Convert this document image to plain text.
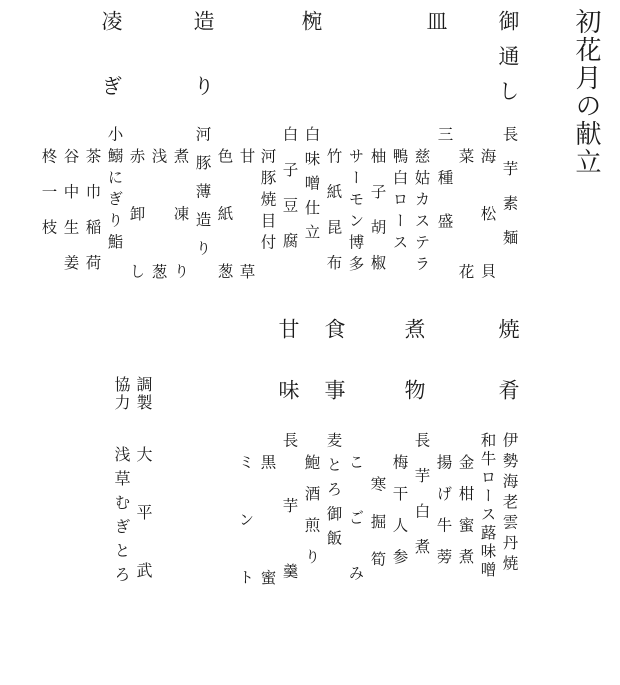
初花月の献立
御通し
皿
椀
造り
凌ぎ
長芋素麺
海松貝
菜花
三種盛
慈姑カステラ
鴨白ロース
柚子胡椒
サーモン博多
竹紙昆布
白味噌仕立
白子豆腐
河豚焼目付
甘草
色紙葱
河豚薄造り
煮凍り
浅葱
赤卸し
小鰯にぎり鮨
茶巾稲荷
谷中生姜
柊一枝
焼肴
煮物
食事
甘味
伊勢海老雲丹焼
和牛ロース蕗味噌
金柑蜜煮
揚げ牛蒡
長芋白煮
梅干人参
寒掘筍
こごみ
麦とろ御飯
鮑酒煎り
長芋羹
黒蜜
ミント
調製
協力
大平武
浅草むぎとろ
